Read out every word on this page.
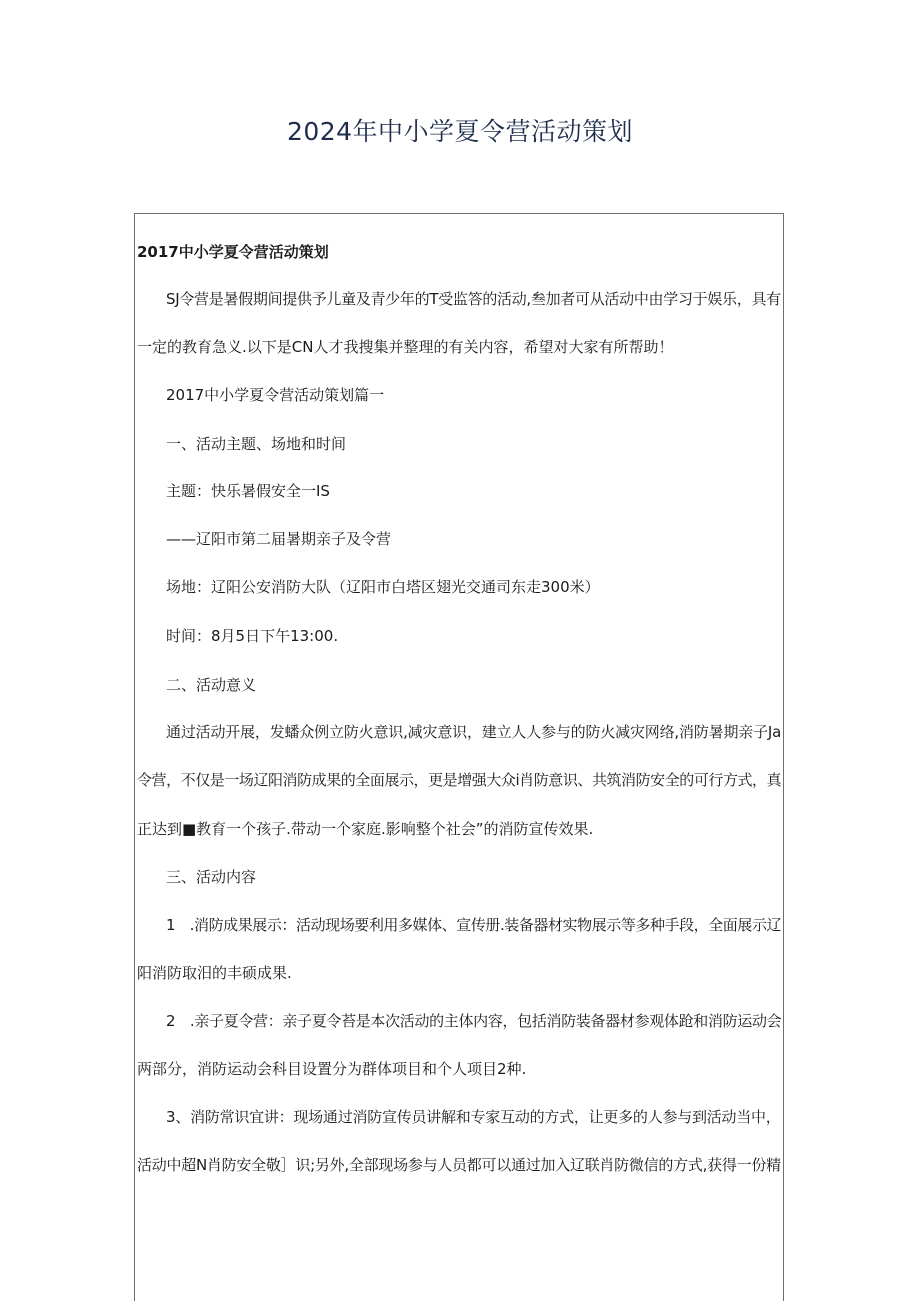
2024年中小学夏令营活动策划
2017中小学夏令营活动策划
SJ令营是暑假期间提供予儿童及青少年的T受监答的活动,叁加者可从活动中由学习于娱乐，具有
一定的教育急义.以下是CN人才我搜集并整理的有关内容，希望对大家有所帮助！
2017中小学夏令营活动策划篇一
一、活动主题、场地和时间
主题：快乐暑假安全一IS
——辽阳市第二届暑期亲子及令营
场地：辽阳公安消防大队（辽阳市白塔区翅光交通司东走300米）
时间：8月5日下午13:00.
二、活动意义
通过活动开展，发蟠众例立防火意识,减灾意识，建立人人参与的防火减灾网络,消防暑期亲子Ja
令营，不仅是一场辽阳消防成果的全面展示，更是增强大众i肖防意识、共筑消防安全的可行方式，真
正达到■教育一个孩子.带动一个家庭.影响整个社会”的消防宣传效果.
三、活动内容
1　.消防成果展示：活动现场要利用多媒体、宣传册.装备器材实物展示等多种手段，全面展示辽
阳消防取汨的丰硕成果.
2　.亲子夏令营：亲子夏令苔是本次活动的主体内容，包括消防装备器材参观体跄和消防运动会
两部分，消防运动会科目设置分为群体项目和个人项目2种.
3、消防常识宜讲：现场通过消防宣传员讲解和专家互动的方式，让更多的人参与到活动当中，
活动中超N肖防安全敬］识;另外,全部现场参与人员都可以通过加入辽联肖防微信的方式,获得一份精
